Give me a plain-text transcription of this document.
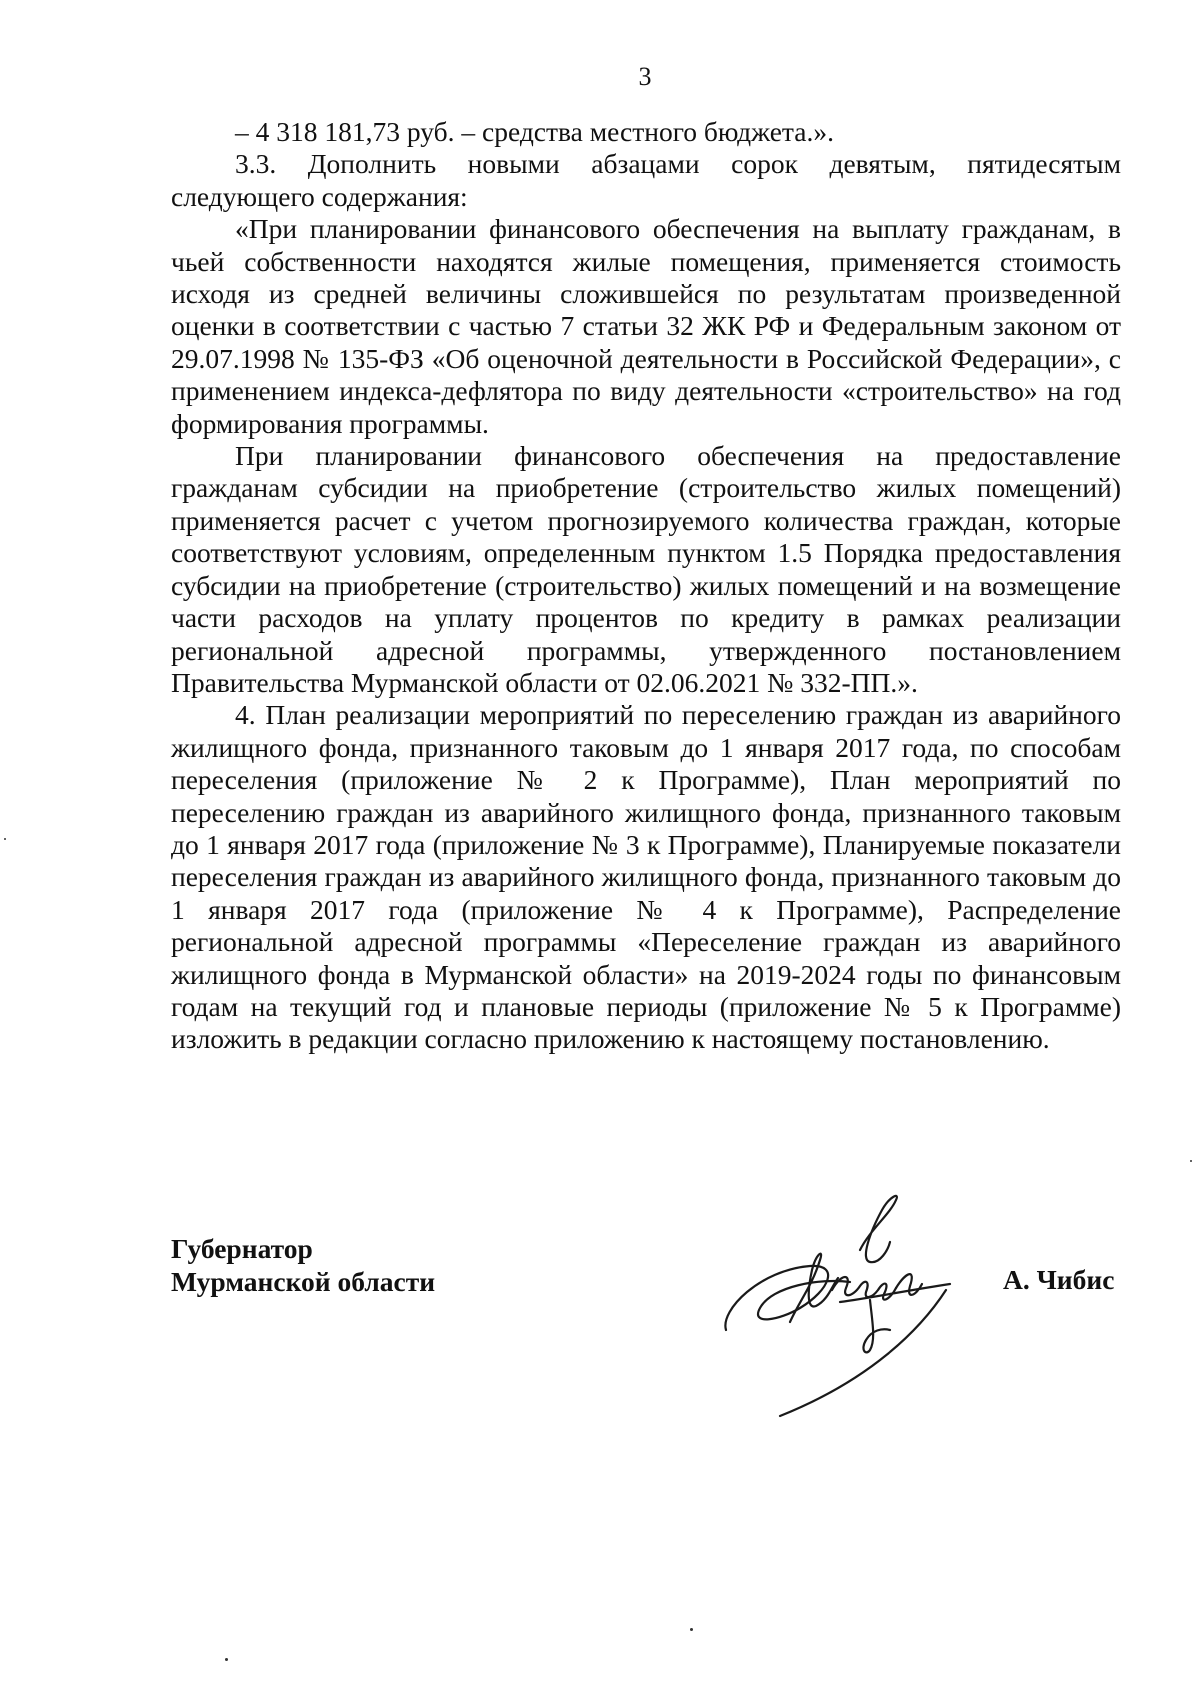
3

– 4 318 181,73 руб. – средства местного бюджета.».

3.3. Дополнить новыми абзацами сорок девятым, пятидесятым следующего содержания:

«При планировании финансового обеспечения на выплату гражданам, в чьей собственности находятся жилые помещения, применяется стоимость исходя из средней величины сложившейся по результатам произведенной оценки в соответствии с частью 7 статьи 32 ЖК РФ и Федеральным законом от 29.07.1998 № 135-ФЗ «Об оценочной деятельности в Российской Федерации», с применением индекса-дефлятора по виду деятельности «строительство» на год формирования программы.

При планировании финансового обеспечения на предоставление гражданам субсидии на приобретение (строительство жилых помещений) применяется расчет с учетом прогнозируемого количества граждан, которые соответствуют условиям, определенным пунктом 1.5 Порядка предоставления субсидии на приобретение (строительство) жилых помещений и на возмещение части расходов на уплату процентов по кредиту в рамках реализации региональной адресной программы, утвержденного постановлением Правительства Мурманской области от 02.06.2021 № 332-ПП.».

4. План реализации мероприятий по переселению граждан из аварийного жилищного фонда, признанного таковым до 1 января 2017 года, по способам переселения (приложение № 2 к Программе), План мероприятий по переселению граждан из аварийного жилищного фонда, признанного таковым до 1 января 2017 года (приложение № 3 к Программе), Планируемые показатели переселения граждан из аварийного жилищного фонда, признанного таковым до 1 января 2017 года (приложение № 4 к Программе), Распределение региональной адресной программы «Переселение граждан из аварийного жилищного фонда в Мурманской области» на 2019-2024 годы по финансовым годам на текущий год и плановые периоды (приложение № 5 к Программе) изложить в редакции согласно приложению к настоящему постановлению.

Губернатор
Мурманской области	А. Чибис
